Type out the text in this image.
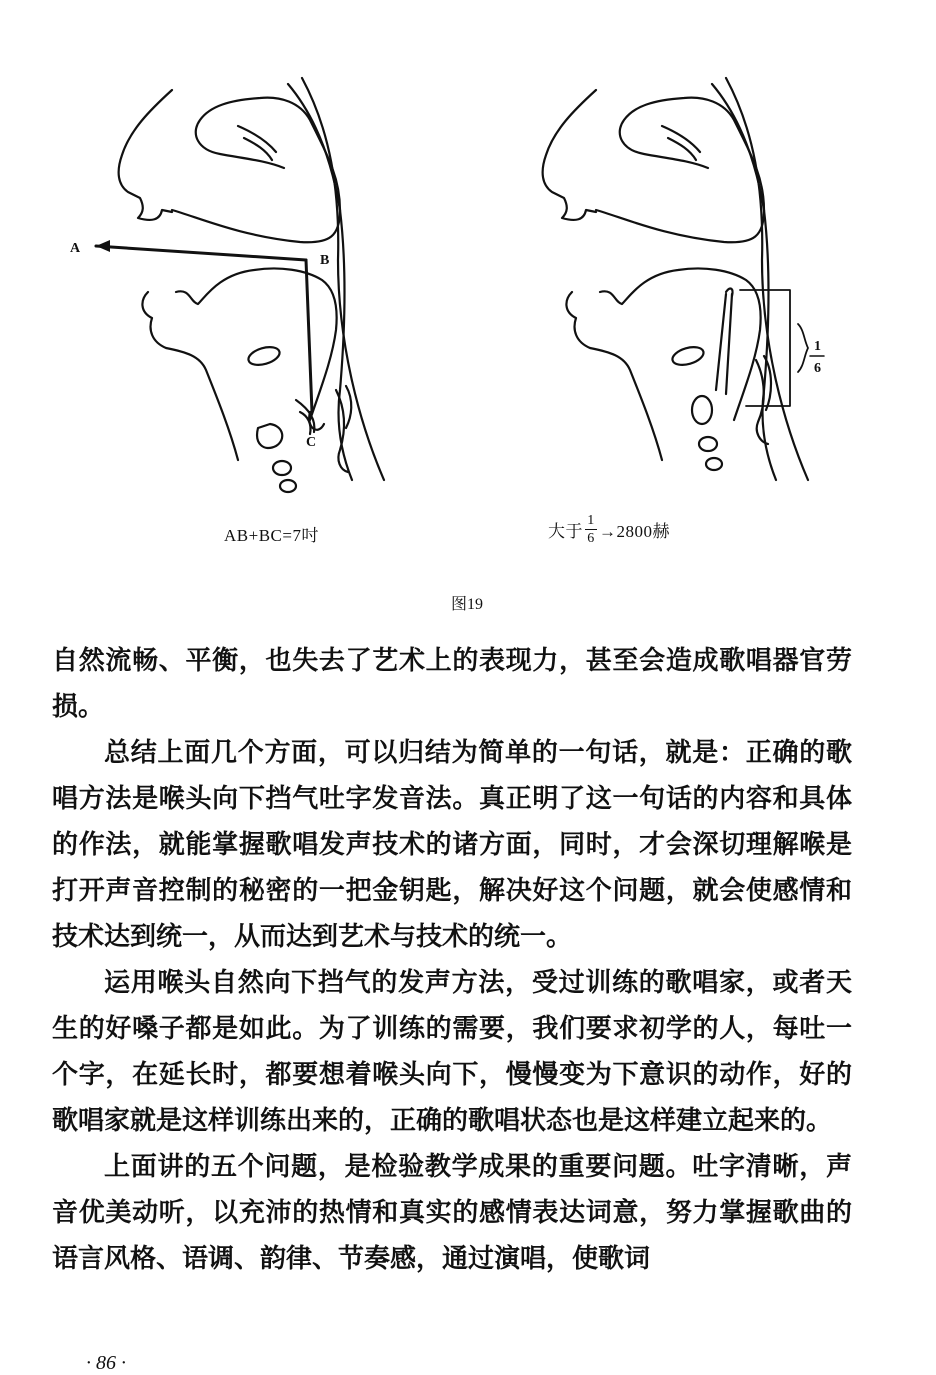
A
B
C
1
6
AB+BC=7吋	大于 $\frac{1}{6} \to 2800$赫
图19

自然流畅、平衡，也失去了艺术上的表现力，甚至会造成歌唱器官劳损。

总结上面几个方面，可以归结为简单的一句话，就是：正确的歌唱方法是喉头向下挡气吐字发音法。真正明了这一句话的内容和具体的作法，就能掌握歌唱发声技术的诸方面，同时，才会深切理解喉是打开声音控制的秘密的一把金钥匙，解决好这个问题，就会使感情和技术达到统一，从而达到艺术与技术的统一。

运用喉头自然向下挡气的发声方法，受过训练的歌唱家，或者天生的好嗓子都是如此。为了训练的需要，我们要求初学的人，每吐一个字，在延长时，都要想着喉头向下，慢慢变为下意识的动作，好的歌唱家就是这样训练出来的，正确的歌唱状态也是这样建立起来的。

上面讲的五个问题，是检验教学成果的重要问题。吐字清晰，声音优美动听，以充沛的热情和真实的感情表达词意，努力掌握歌曲的语言风格、语调、韵律、节奏感，通过演唱，使歌词

· 86 ·
